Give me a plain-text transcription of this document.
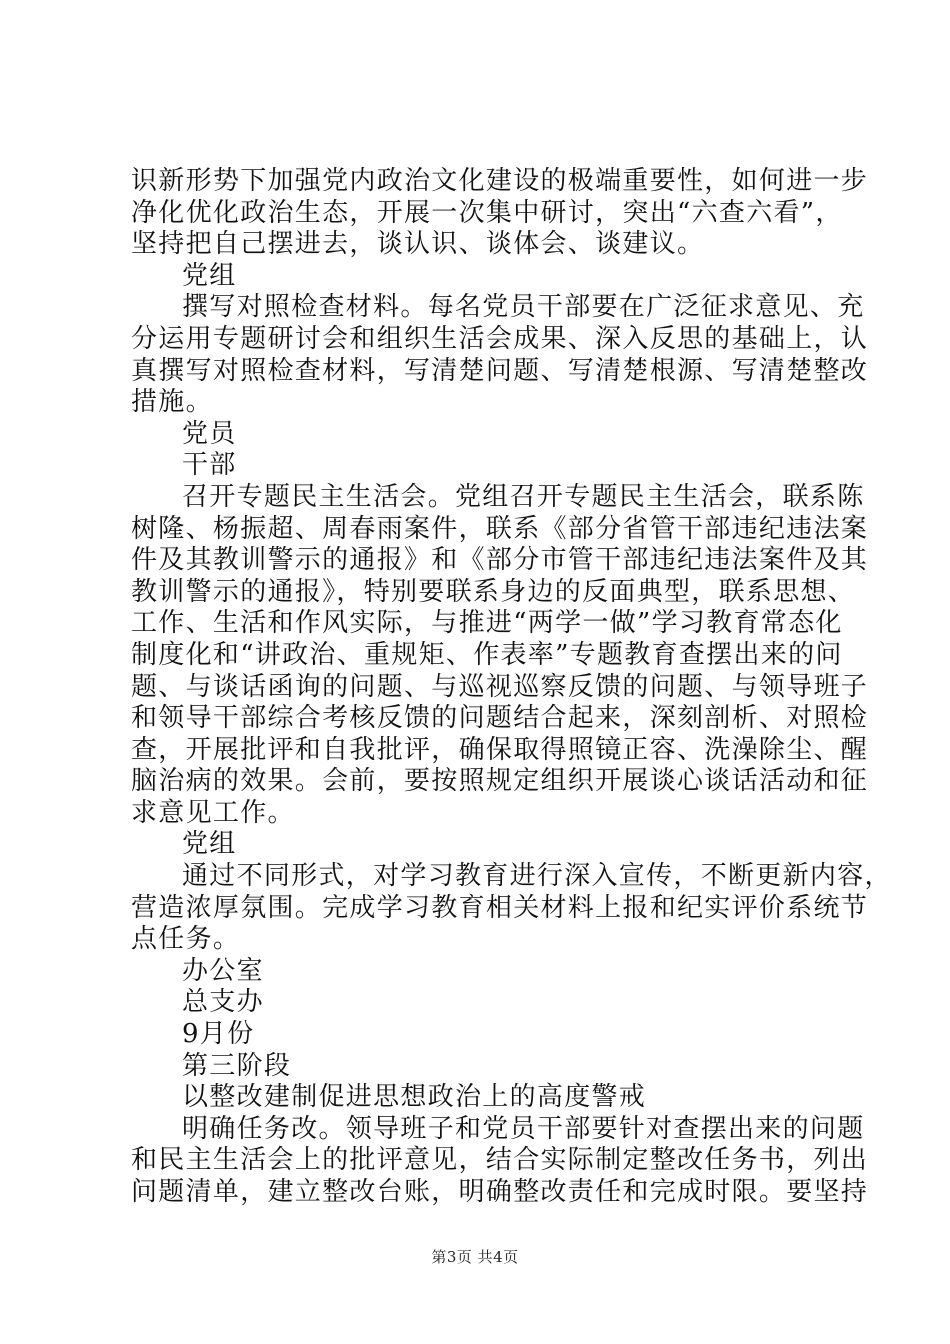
识新形势下加强党内政治文化建设的极端重要性，如何进一步
净化优化政治生态，开展一次集中研讨，突出“六查六看”，
坚持把自己摆进去，谈认识、谈体会、谈建议。
党组
撰写对照检查材料。每名党员干部要在广泛征求意见、充
分运用专题研讨会和组织生活会成果、深入反思的基础上，认
真撰写对照检查材料，写清楚问题、写清楚根源、写清楚整改
措施。
党员
干部
召开专题民主生活会。党组召开专题民主生活会，联系陈
树隆、杨振超、周春雨案件，联系《部分省管干部违纪违法案
件及其教训警示的通报》和《部分市管干部违纪违法案件及其
教训警示的通报》，特别要联系身边的反面典型，联系思想、
工作、生活和作风实际，与推进“两学一做”学习教育常态化
制度化和“讲政治、重规矩、作表率”专题教育查摆出来的问
题、与谈话函询的问题、与巡视巡察反馈的问题、与领导班子
和领导干部综合考核反馈的问题结合起来，深刻剖析、对照检
查，开展批评和自我批评，确保取得照镜正容、洗澡除尘、醒
脑治病的效果。会前，要按照规定组织开展谈心谈话活动和征
求意见工作。
党组
通过不同形式，对学习教育进行深入宣传，不断更新内容，
营造浓厚氛围。完成学习教育相关材料上报和纪实评价系统节
点任务。
办公室
总支办
9月份
第三阶段
以整改建制促进思想政治上的高度警戒
明确任务改。领导班子和党员干部要针对查摆出来的问题
和民主生活会上的批评意见，结合实际制定整改任务书，列出
问题清单，建立整改台账，明确整改责任和完成时限。要坚持
第3页 共4页
